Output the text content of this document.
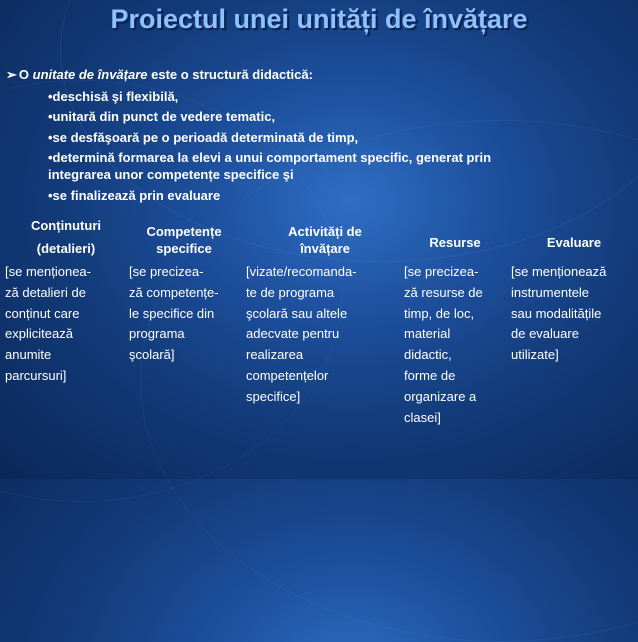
Proiectul unei unități de învățare
➢ O unitate de învățare este o structură didactică:
•deschisă şi flexibilă,
•unitară din punct de vedere tematic,
•se desfăşoară pe o perioadă determinată de timp,
•determină formarea la elevi a unui comportament specific, generat prin
integrarea unor competențe specifice şi
•se finalizează prin evaluare
Conținuturi
(detalieri)
Competențe
specifice
Activități de
învățare	Resurse	Evaluare
[se menționea-
ză detalieri de
conținut care
explicitează
anumite
parcursuri]
[se precizea-
ză competențe-
le specifice din
programa
şcolară]
[vizate/recomanda-
te de programa
şcolară sau altele
adecvate pentru
realizarea
competențelor
specifice]
[se precizea-
ză resurse de
timp, de loc,
material
didactic,
forme de
organizare a
clasei]
[se menționează
instrumentele
sau modalitățile
de evaluare
utilizate]
